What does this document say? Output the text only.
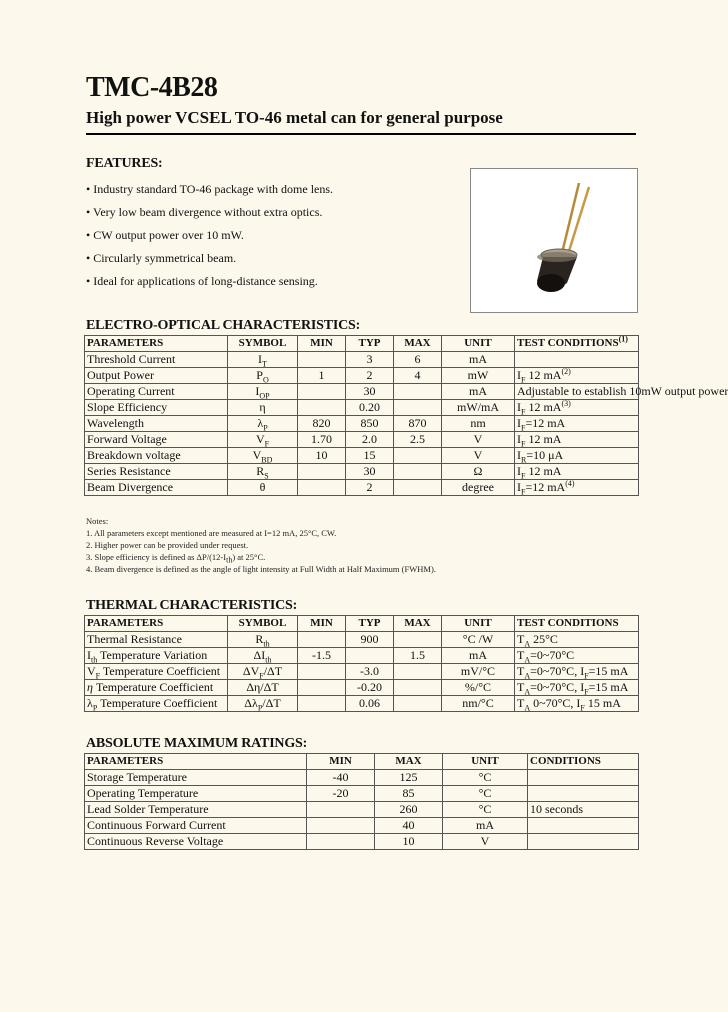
TMC-4B28
High power VCSEL TO-46 metal can for general purpose
FEATURES:
• Industry standard TO-46 package with dome lens.
• Very low beam divergence without extra optics.
• CW output power over 10 mW.
• Circularly symmetrical beam.
• Ideal for applications of long-distance sensing.
ELECTRO-OPTICAL CHARACTERISTICS:
PARAMETERS	SYMBOL	MIN	TYP	MAX	UNIT	TEST CONDITIONS$^{(1)}$
Threshold Current	$I_T$		3	6	mA	
Output Power	$P_O$	1	2	4	mW	$I_F$ 12 $mA^{(2)}$
Operating Current	$I_{OP}$		30		mA	Adjustable to establish 10mW output power
Slope Efficiency	η		0.20		mW/mA	$I_F$ 12 $mA^{(3)}$
Wavelength	$\lambda_P$	820	850	870	nm	$I_F=12$ mA
Forward Voltage	$V_F$	1.70	2.0	2.5	V	$I_F$ 12 mA
Breakdown voltage	$V_{BD}$	10	15		V	$I_R=10$ μA
Series Resistance	$R_S$		30		Ω	$I_F$ 12 mA
Beam Divergence	θ		2		degree	$I_F=12$ $mA^{(4)}$
Notes:
1. All parameters except mentioned are measured at I=12 mA, 25°C, CW.
2. Higher power can be provided under request.
3. Slope efficiency is defined as $\Delta P/(12-I_{th})$ at 25°C.
4. Beam divergence is defined as the angle of light intensity at Full Width at Half Maximum (FWHM).
THERMAL CHARACTERISTICS:
PARAMETERS	SYMBOL	MIN	TYP	MAX	UNIT	TEST CONDITIONS
Thermal Resistance	$R_{th}$		900		°C /W	$T_A$ 25°C
$I_{th}$ Temperature Variation	$\Delta I_{th}$	-1.5		1.5	mA	$T_A=0\sim 70^\circ C$
$V_F$ Temperature Coefficient	$\Delta V_F/\Delta T$		-3.0		mV/°C	$T_A=0\sim 70^\circ C$, $I_F=15$ mA
η Temperature Coefficient	Δη/ΔT		-0.20		%/°C	$T_A=0\sim 70^\circ C$, $I_F=15$ mA
$\lambda_P$ Temperature Coefficient	$\Delta\lambda_P/\Delta T$		0.06		nm/°C	$T_A$ 0~70°C, $I_F$ 15 mA
ABSOLUTE MAXIMUM RATINGS:
PARAMETERS	MIN	MAX	UNIT	CONDITIONS
Storage Temperature	-40	125	°C	
Operating Temperature	-20	85	°C	
Lead Solder Temperature		260	°C	10 seconds
Continuous Forward Current		40	mA	
Continuous Reverse Voltage		10	V	
